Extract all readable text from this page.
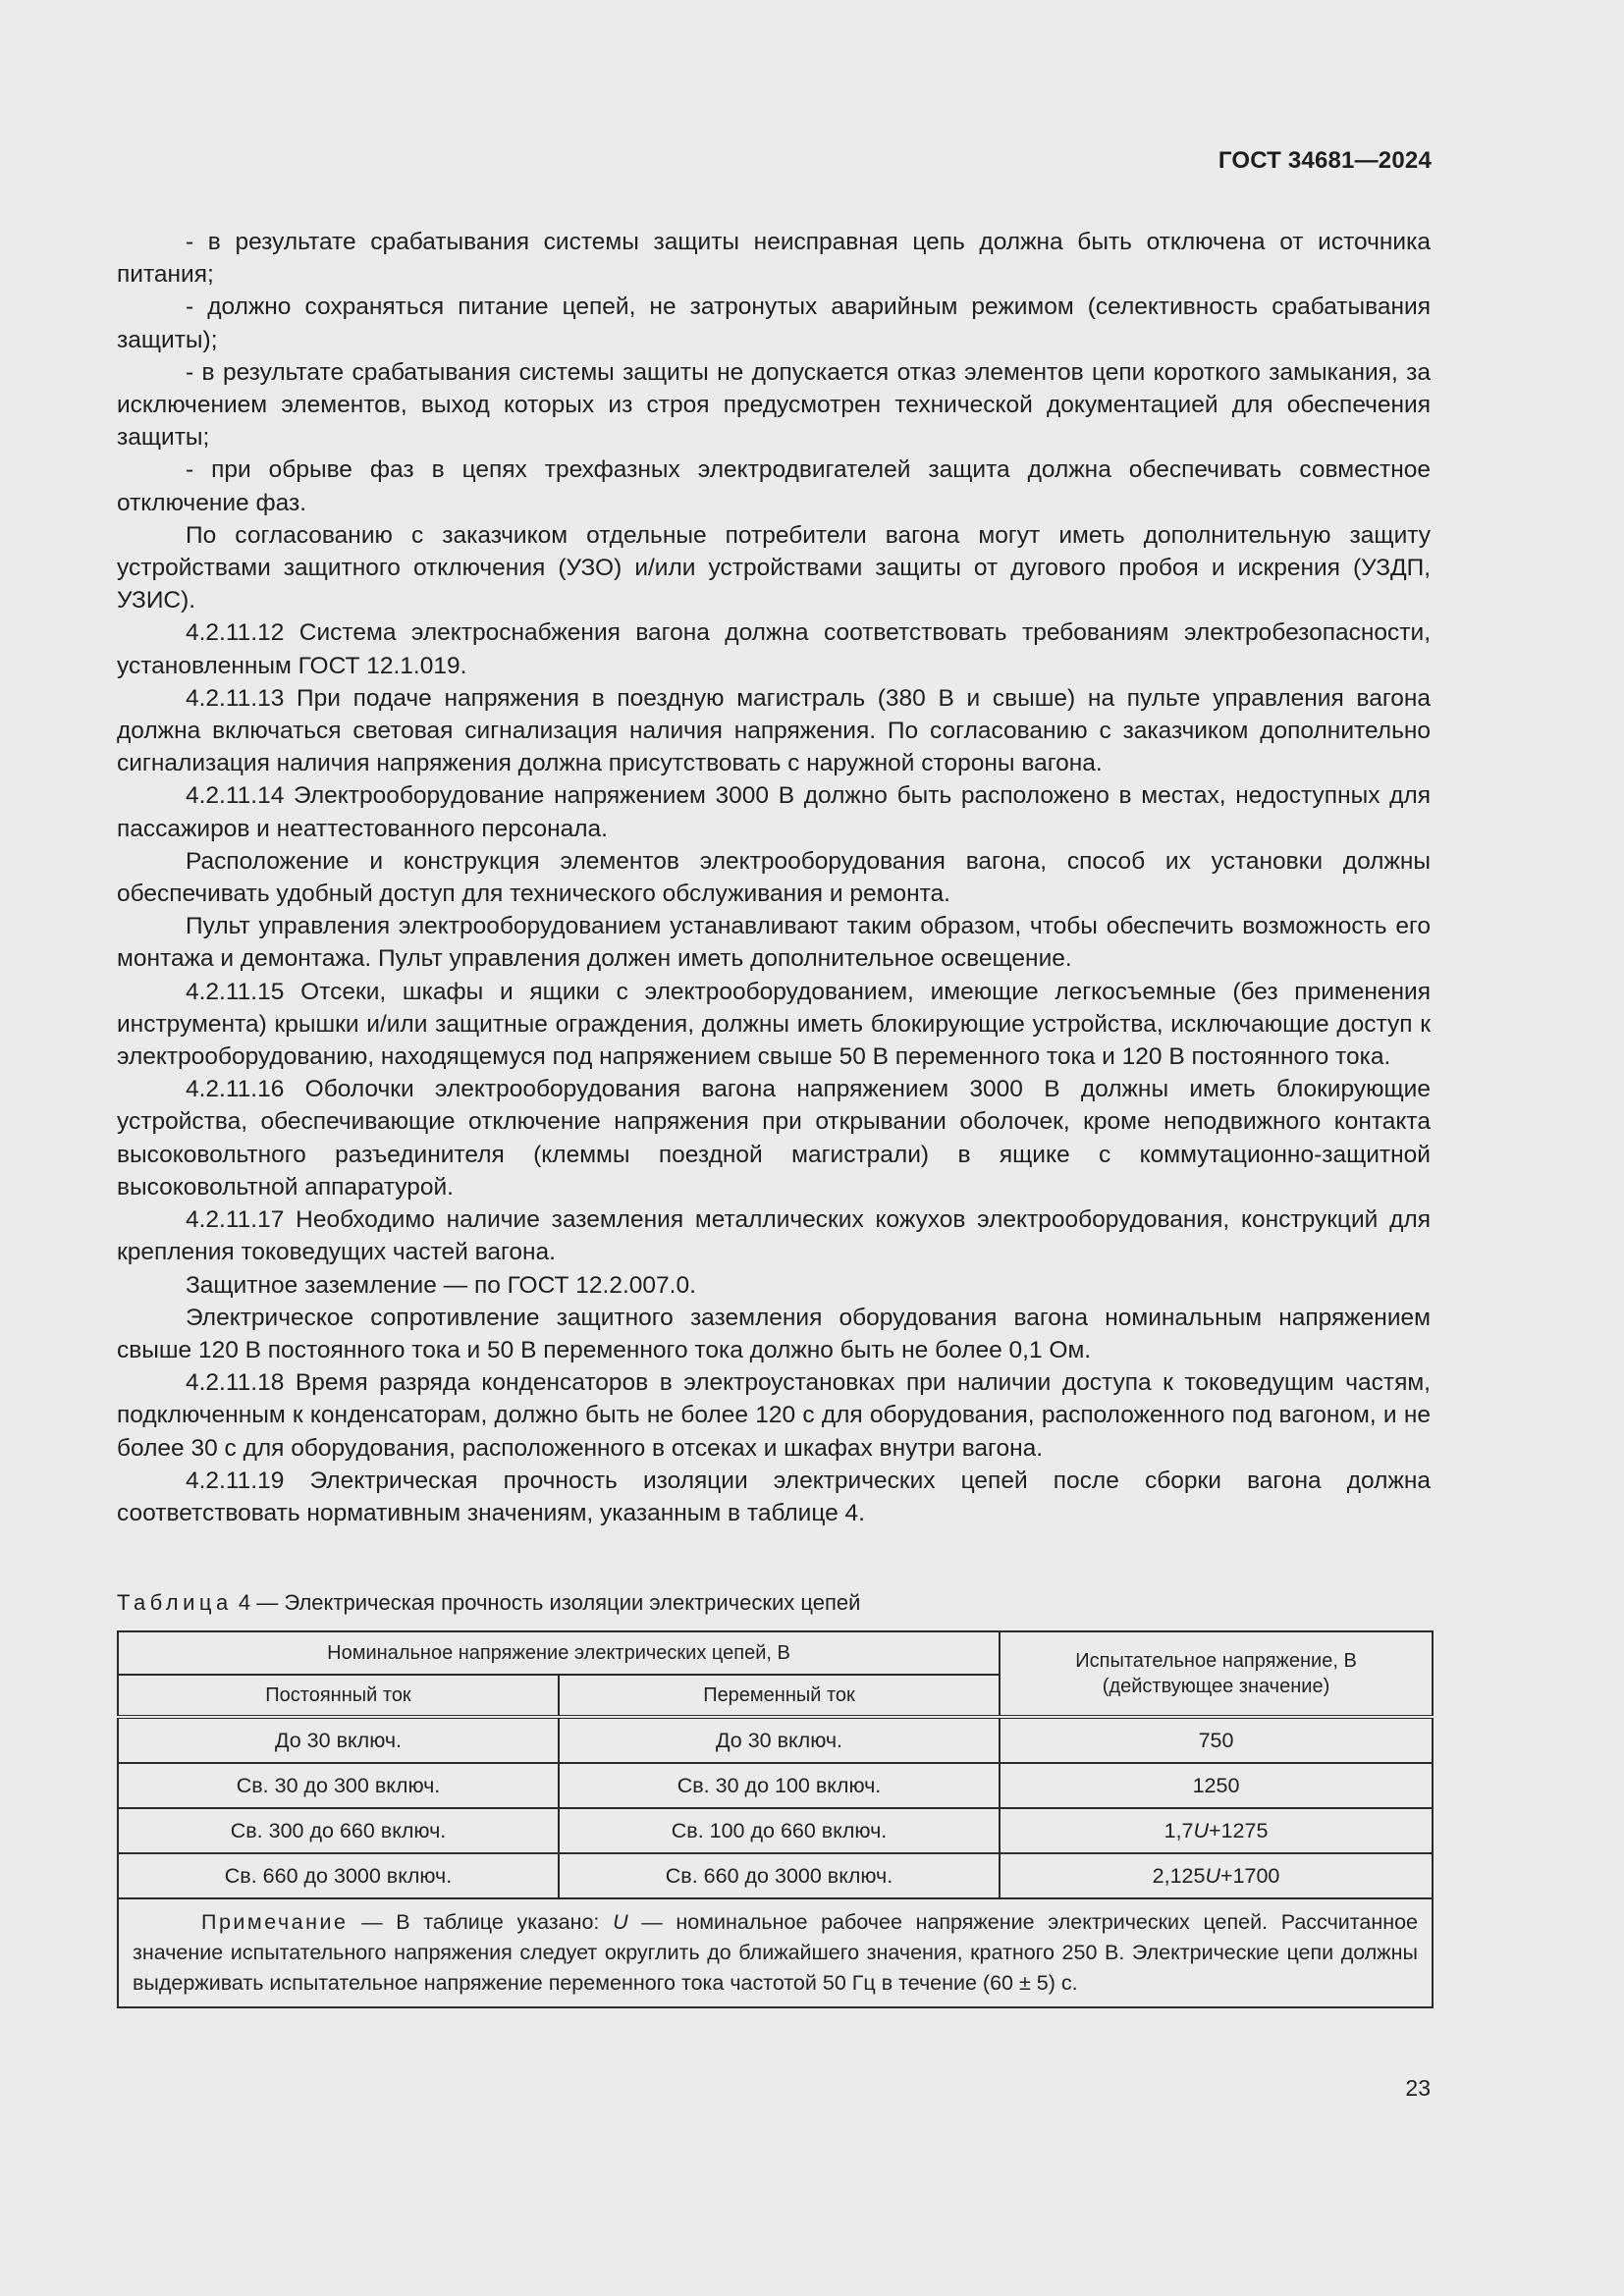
ГОСТ 34681—2024

- в результате срабатывания системы защиты неисправная цепь должна быть отключена от источника питания;

- должно сохраняться питание цепей, не затронутых аварийным режимом (селективность срабатывания защиты);

- в результате срабатывания системы защиты не допускается отказ элементов цепи короткого замыкания, за исключением элементов, выход которых из строя предусмотрен технической документацией для обеспечения защиты;

- при обрыве фаз в цепях трехфазных электродвигателей защита должна обеспечивать совместное отключение фаз.

По согласованию с заказчиком отдельные потребители вагона могут иметь дополнительную защиту устройствами защитного отключения (УЗО) и/или устройствами защиты от дугового пробоя и искрения (УЗДП, УЗИС).

4.2.11.12 Система электроснабжения вагона должна соответствовать требованиям электробезопасности, установленным ГОСТ 12.1.019.

4.2.11.13 При подаче напряжения в поездную магистраль (380 В и свыше) на пульте управления вагона должна включаться световая сигнализация наличия напряжения. По согласованию с заказчиком дополнительно сигнализация наличия напряжения должна присутствовать с наружной стороны вагона.

4.2.11.14 Электрооборудование напряжением 3000 В должно быть расположено в местах, недоступных для пассажиров и неаттестованного персонала.

Расположение и конструкция элементов электрооборудования вагона, способ их установки должны обеспечивать удобный доступ для технического обслуживания и ремонта.

Пульт управления электрооборудованием устанавливают таким образом, чтобы обеспечить возможность его монтажа и демонтажа. Пульт управления должен иметь дополнительное освещение.

4.2.11.15 Отсеки, шкафы и ящики с электрооборудованием, имеющие легкосъемные (без применения инструмента) крышки и/или защитные ограждения, должны иметь блокирующие устройства, исключающие доступ к электрооборудованию, находящемуся под напряжением свыше 50 В переменного тока и 120 В постоянного тока.

4.2.11.16 Оболочки электрооборудования вагона напряжением 3000 В должны иметь блокирующие устройства, обеспечивающие отключение напряжения при открывании оболочек, кроме неподвижного контакта высоковольтного разъединителя (клеммы поездной магистрали) в ящике с коммутационно-защитной высоковольтной аппаратурой.

4.2.11.17 Необходимо наличие заземления металлических кожухов электрооборудования, конструкций для крепления токоведущих частей вагона.

Защитное заземление — по ГОСТ 12.2.007.0.

Электрическое сопротивление защитного заземления оборудования вагона номинальным напряжением свыше 120 В постоянного тока и 50 В переменного тока должно быть не более 0,1 Ом.

4.2.11.18 Время разряда конденсаторов в электроустановках при наличии доступа к токоведущим частям, подключенным к конденсаторам, должно быть не более 120 с для оборудования, расположенного под вагоном, и не более 30 с для оборудования, расположенного в отсеках и шкафах внутри вагона.

4.2.11.19 Электрическая прочность изоляции электрических цепей после сборки вагона должна соответствовать нормативным значениям, указанным в таблице 4.

Таблица 4 — Электрическая прочность изоляции электрических цепей
Номинальное напряжение электрических цепей, В		Испытательное напряжение, В
(действующее значение)
Постоянный ток	Переменный ток	
До 30 включ.	До 30 включ.	750
Св. 30 до 300 включ.	Св. 30 до 100 включ.	1250
Св. 300 до 660 включ.	Св. 100 до 660 включ.	1,7U+1275
Св. 660 до 3000 включ.	Св. 660 до 3000 включ.	2,125U+1700
Примечание — В таблице указано: U — номинальное рабочее напряжение электрических цепей. Рассчитанное значение испытательного напряжения следует округлить до ближайшего значения, кратного 250 В. Электрические цепи должны выдерживать испытательное напряжение переменного тока частотой 50 Гц в течение (60 ± 5) с.		
23
